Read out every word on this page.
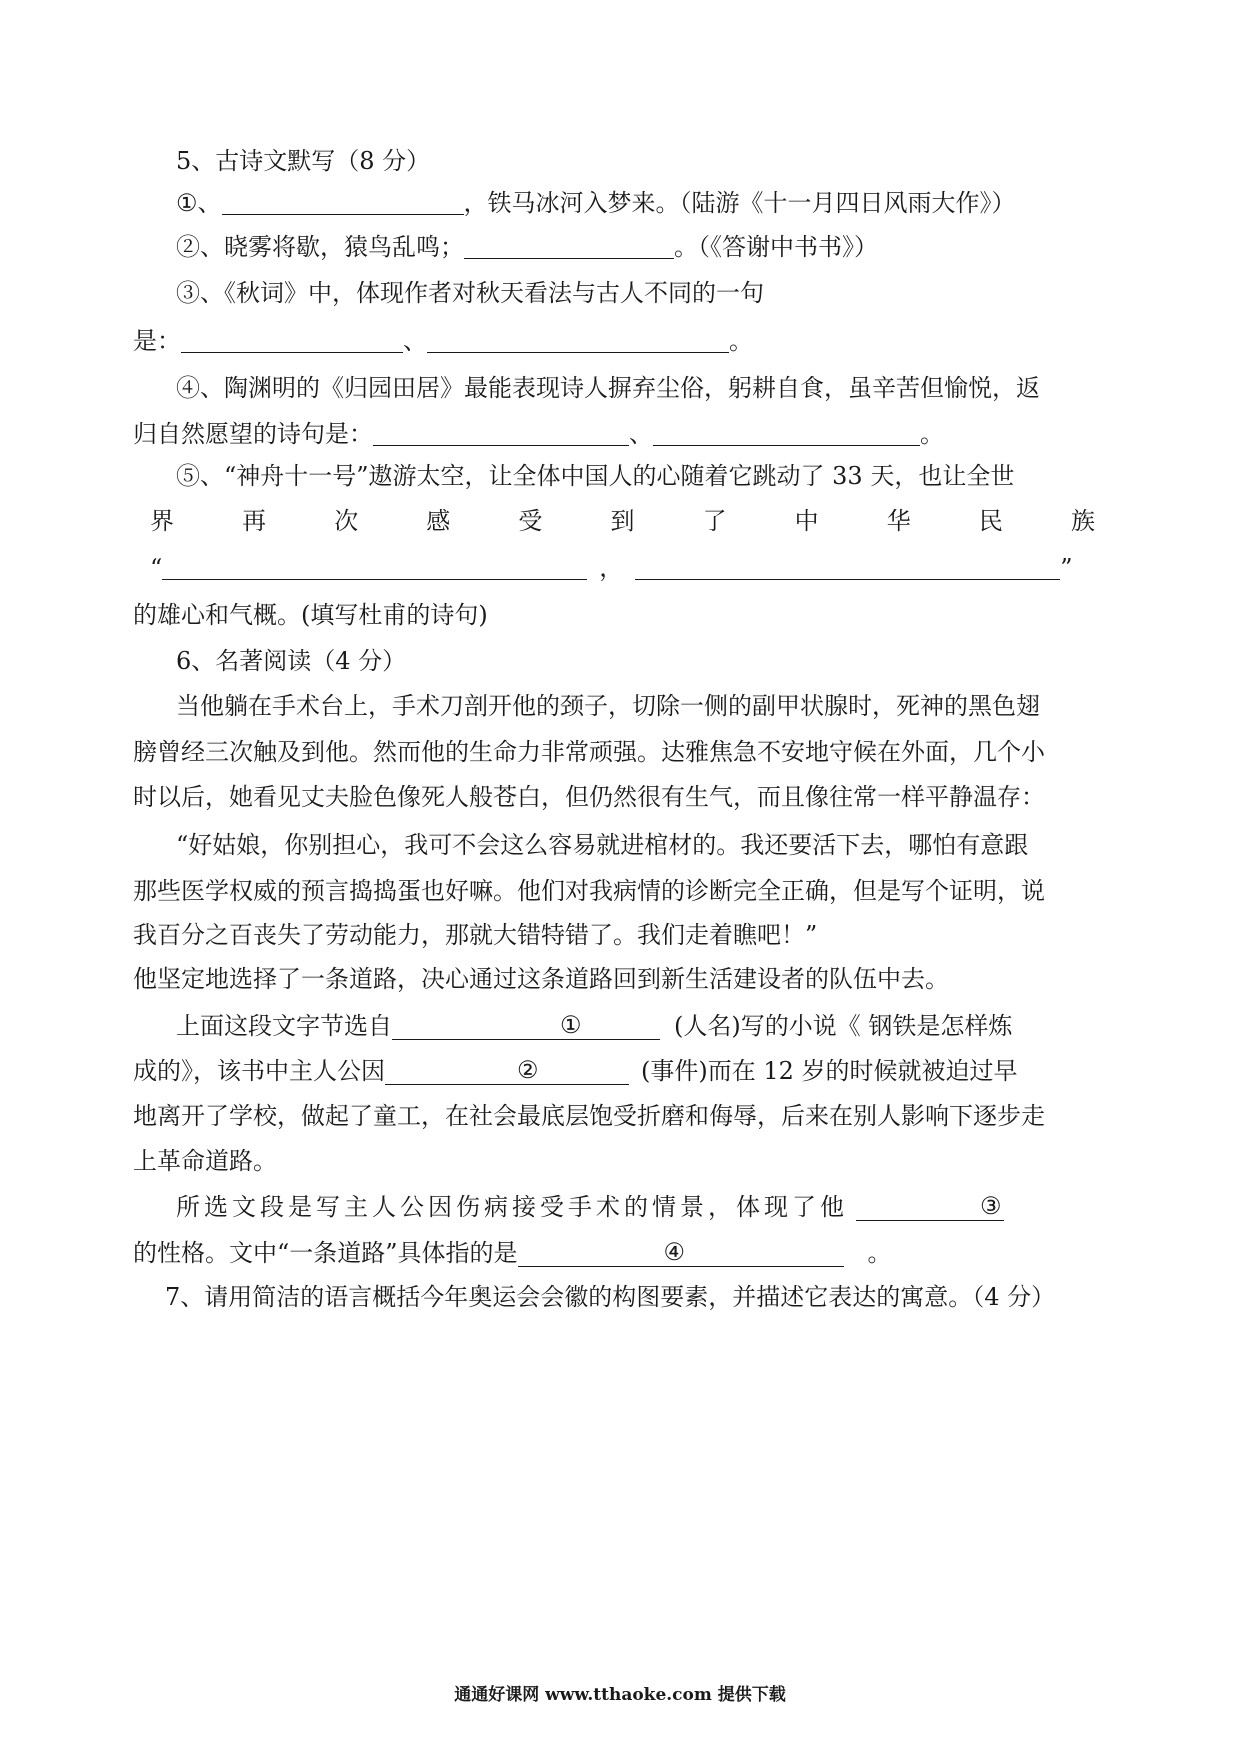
5、古诗文默写（8 分）
①、	，铁马冰河入梦来。（陆游《十一月四日风雨大作》）
②、晓雾将歇，猿鸟乱鸣；	。（《答谢中书书》）
③、《秋词》中，体现作者对秋天看法与古人不同的一句
是：	、	。
④、陶渊明的《归园田居》最能表现诗人摒弃尘俗，躬耕自食，虽辛苦但愉悦，返
归自然愿望的诗句是：	、	。
⑤、“神舟十一号”遨游太空，让全体中国人的心随着它跳动了 33 天，也让全世
界	再	次	感	受	到	了	中	华	民	族
“	，	”
的雄心和气概。(填写杜甫的诗句)
6、名著阅读（4 分）
当他躺在手术台上，手术刀剖开他的颈子，切除一侧的副甲状腺时，死神的黑色翅
膀曾经三次触及到他。然而他的生命力非常顽强。达雅焦急不安地守候在外面，几个小
时以后，她看见丈夫脸色像死人般苍白，但仍然很有生气，而且像往常一样平静温存：
“好姑娘，你别担心，我可不会这么容易就进棺材的。我还要活下去，哪怕有意跟
那些医学权威的预言捣捣蛋也好嘛。他们对我病情的诊断完全正确，但是写个证明，说
我百分之百丧失了劳动能力，那就大错特错了。我们走着瞧吧！”
他坚定地选择了一条道路，决心通过这条道路回到新生活建设者的队伍中去。
上面这段文字节选自	①	(人名)写的小说《 钢铁是怎样炼
成的》，该书中主人公因	②	(事件)而在 12 岁的时候就被迫过早
地离开了学校，做起了童工，在社会最底层饱受折磨和侮辱，后来在别人影响下逐步走
上革命道路。
所选文段是写主人公因伤病接受手术的情景，体现了他	③
的性格。文中“一条道路”具体指的是	④	。
7、请用简洁的语言概括今年奥运会会徽的构图要素，并描述它表达的寓意。（4 分）
通通好课网 www.tthaoke.com 提供下载
